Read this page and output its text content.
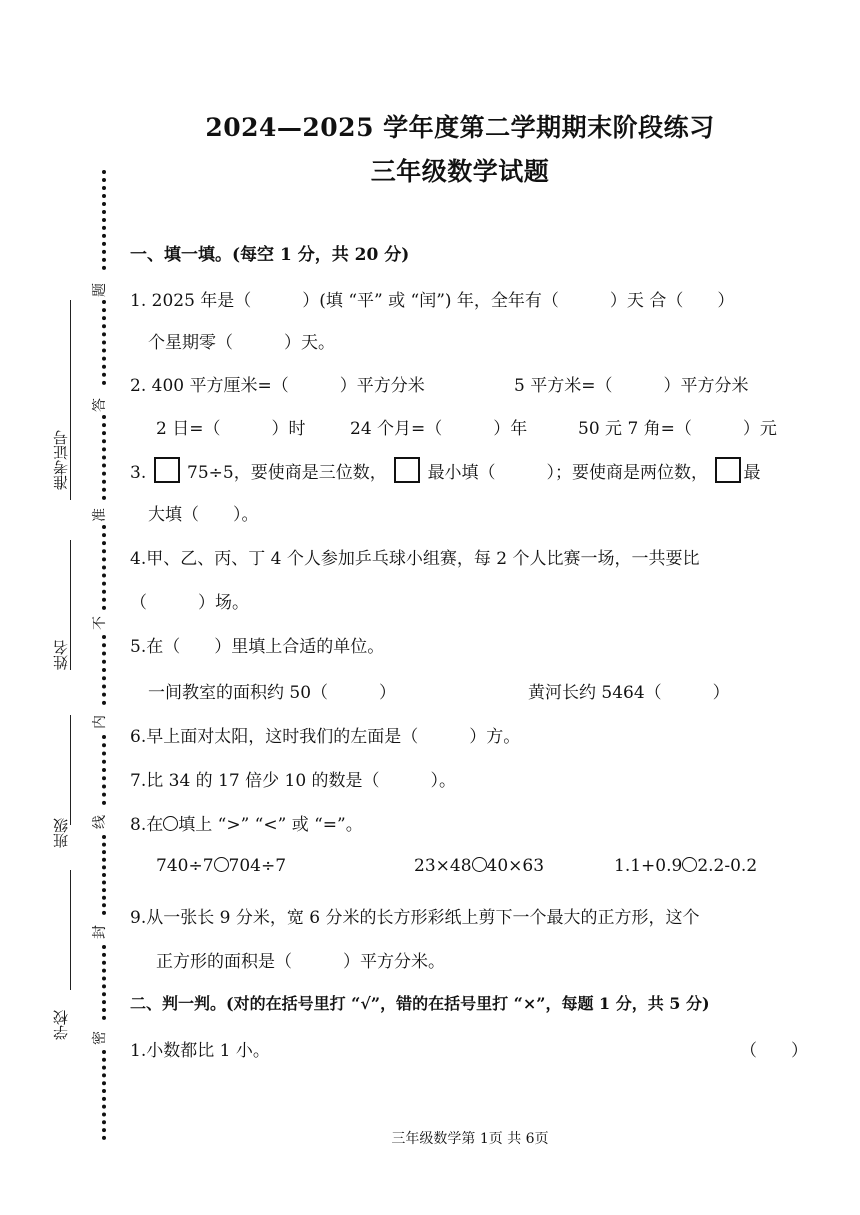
准考证号
姓名
班级
学校
题
答
准
不
内
线
封
密
2024—2025 学年度第二学期期末阶段练习
三年级数学试题
一、填一填。(每空 1 分，共 20 分)
1. 2025 年是（　　　）(填 “平” 或 “闰”) 年，全年有（　　　）天 合（　　）
个星期零（　　　）天。
2. 400 平方厘米=（　　　）平方分米	5 平方米=（　　　）平方分米
2 日=（　　　）时	24 个月=（　　　）年	50 元 7 角=（　　　）元
3. 75÷5，要使商是三位数， 最小填（　　　）；要使商是两位数， 最
大填（　　）。
4.甲、乙、丙、丁 4 个人参加乒乓球小组赛，每 2 个人比赛一场，一共要比
（　　　）场。
5.在（　　）里填上合适的单位。
一间教室的面积约 50（　　　）	黄河长约 5464（　　　）
6.早上面对太阳，这时我们的左面是（　　　）方。
7.比 34 的 17 倍少 10 的数是（　　　）。
8.在 填上 “>” “<” 或 “=”。
740÷7 704÷7	23×48 40×63	1.1+0.9 2.2-0.2
9.从一张长 9 分米，宽 6 分米的长方形彩纸上剪下一个最大的正方形，这个
正方形的面积是（　　　）平方分米。
二、判一判。(对的在括号里打 “√”，错的在括号里打 “×”，每题 1 分，共 5 分)
1.小数都比 1 小。	（　　）
三年级数学第 1页 共 6页
